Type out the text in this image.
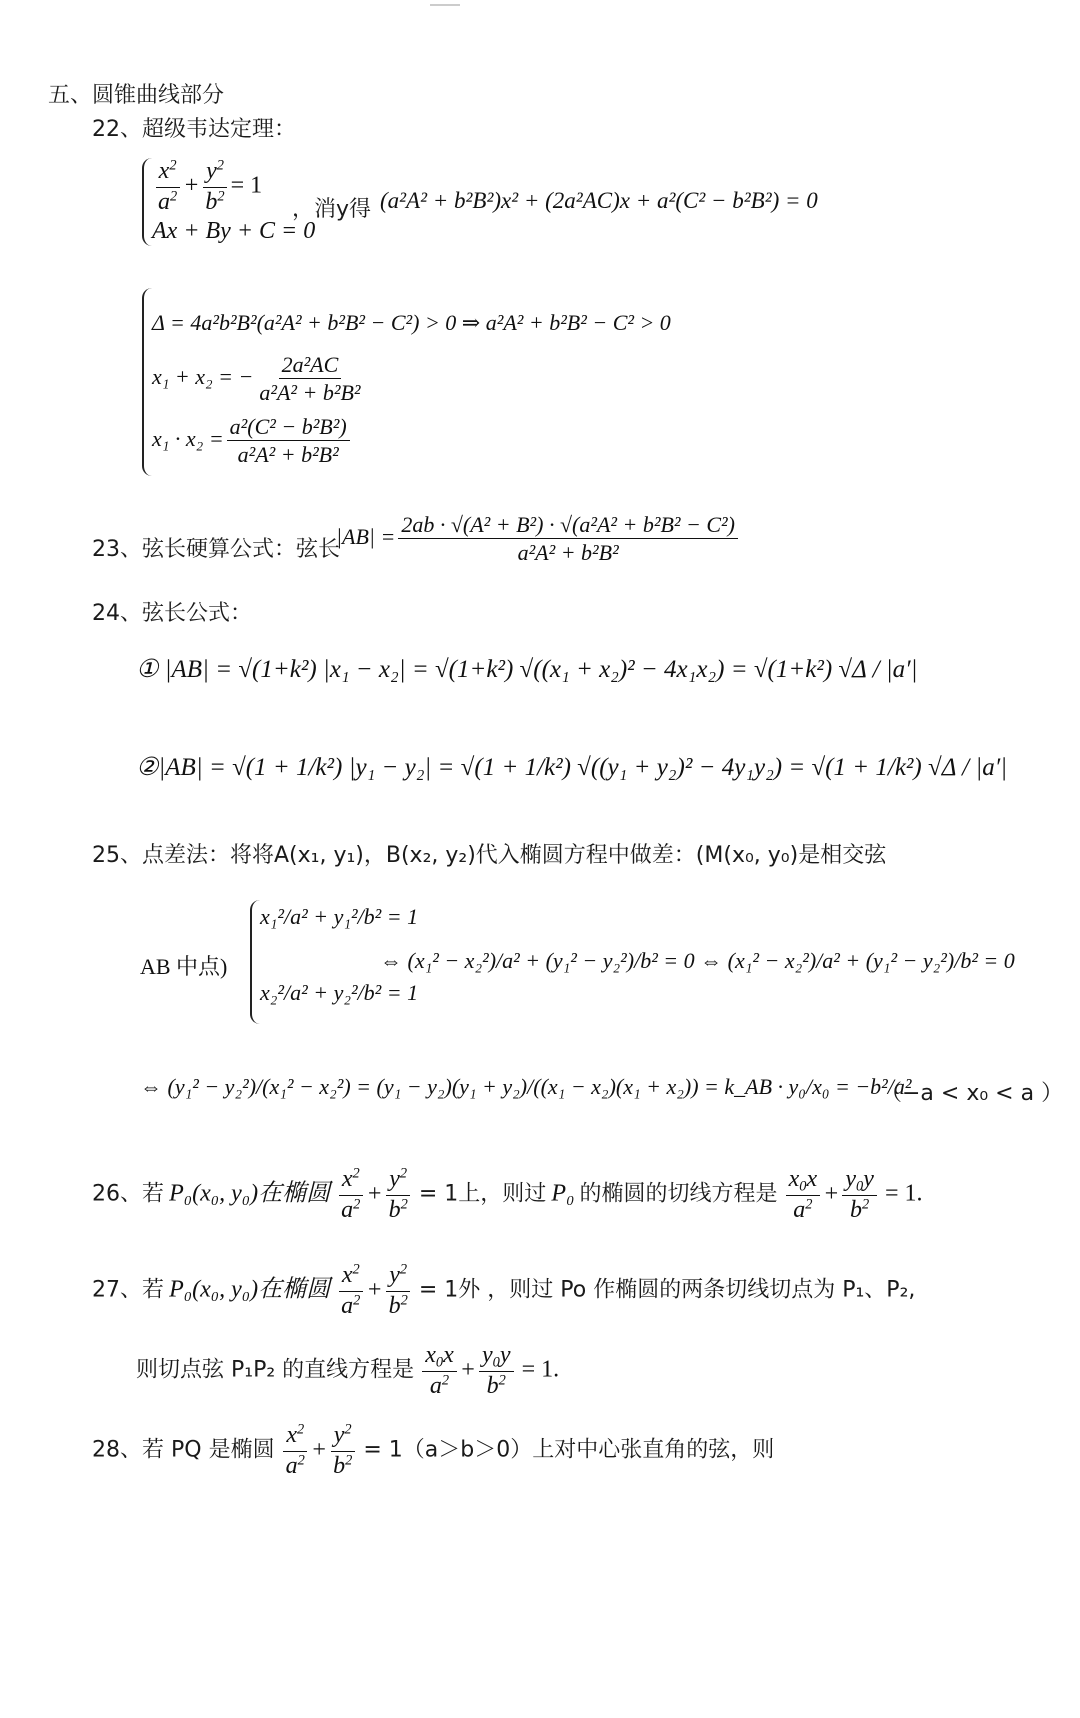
五、圆锥曲线部分
22、超级韦达定理：
$\frac{x^2}{a^2} + \frac{y^2}{b^2} = 1$
Ax + By + C = 0
，消y得 (a²A² + b²B²)x² + (2a²AC)x + a²(C² − b²B²) = 0
Δ = 4a²b²B²(a²A² + b²B² − C²) > 0 ⇒ a²A² + b²B² − C² > 0
x₁ + x₂ = − $\frac{\text{2a²AC}}{\text{a²A² + b²B²}}$
$x_1 \cdot x_2 = \frac{\text{a²(C² − b²B²)}}{\text{a²A² + b²B²}}$
23、弦长硬算公式：弦长
$|AB| = \frac{\text{2ab · √(A² + B²) · √(a²A² + b²B² − C²)}}{\text{a²A² + b²B²}}$
24、弦长公式：
① |AB| = √(1+k²) |x₁ − x₂| = √(1+k²) √((x₁ + x₂)² − 4x₁x₂) = √(1+k²) √Δ / |a′|
②|AB| = √(1 + 1/k²) |y₁ − y₂| = √(1 + 1/k²) √((y₁ + y₂)² − 4y₁y₂) = √(1 + 1/k²) √Δ / |a′|
25、点差法：将将A(x₁, y₁)，B(x₂, y₂)代入椭圆方程中做差：(M(x₀, y₀)是相交弦
AB 中点)
x₁²/a² + y₁²/b² = 1
x₂²/a² + y₂²/b² = 1
⇔ (x₁² − x₂²)/a² + (y₁² − y₂²)/b² = 0 ⇔ (x₁² − x₂²)/a² + (y₁² − y₂²)/b² = 0
⇔ (y₁² − y₂²)/(x₁² − x₂²) = (y₁ − y₂)(y₁ + y₂)/((x₁ − x₂)(x₁ + x₂)) = k_AB · y₀/x₀ = −b²/a²
（−a < x₀ < a ）
26、若 P₀(x₀, y₀)在椭圆 $\frac{x^2}{a^2} + \frac{y^2}{b^2} = 1$上，则过 P₀ 的椭圆的切线方程是 $\frac{x_0x}{a^2} + \frac{y_0y}{b^2} = 1$.
27、若 P₀(x₀, y₀)在椭圆 $\frac{x^2}{a^2} + \frac{y^2}{b^2} = 1$外 ，则过 Po 作椭圆的两条切线切点为 P₁、P₂,
则切点弦 P₁P₂ 的直线方程是 $\frac{x_0x}{a^2} + \frac{y_0y}{b^2} = 1$.
28、若 PQ 是椭圆 $\frac{x^2}{a^2} + \frac{y^2}{b^2} = 1(a>b>0)$上对中心张直角的弦，则
